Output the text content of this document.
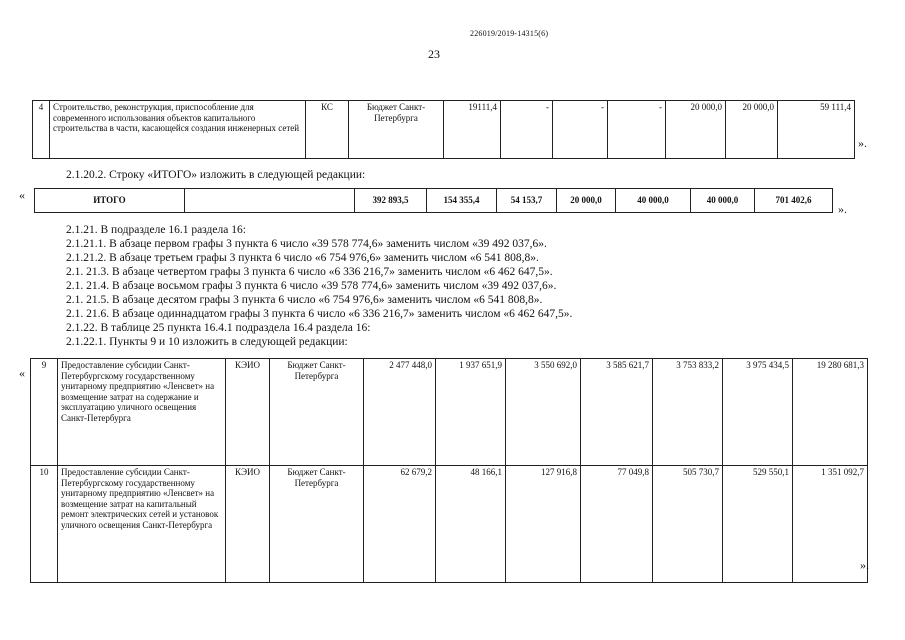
226019/2019-14315(6)
23
4	Строительство, реконструкция, приспособление для современного использования объектов капитального строительства в части, касающейся создания инженерных сетей	КС	Бюджет Санкт-Петербурга	19111,4	-	-	-	20 000,0	20 000,0	59 111,4
».
2.1.20.2. Строку «ИТОГО» изложить в следующей редакции:
«	ИТОГО		392 893,5	154 355,4	54 153,7	20 000,0	40 000,0	40 000,0	701 402,6
».
2.1.21. В подразделе 16.1 раздела 16:
2.1.21.1. В абзаце первом графы 3 пункта 6 число «39 578 774,6» заменить числом «39 492 037,6».
2.1.21.2. В абзаце третьем графы 3 пункта 6 число «6 754 976,6» заменить числом «6 541 808,8».
2.1. 21.3. В абзаце четвертом графы 3 пункта 6 число «6 336 216,7» заменить числом «6 462 647,5».
2.1. 21.4. В абзаце восьмом графы 3 пункта 6 число «39 578 774,6» заменить числом «39 492 037,6».
2.1. 21.5. В абзаце десятом графы 3 пункта 6 число «6 754 976,6» заменить числом «6 541 808,8».
2.1. 21.6. В абзаце одиннадцатом графы 3 пункта 6 число «6 336 216,7» заменить числом «6 462 647,5».
2.1.22. В таблице 25 пункта 16.4.1 подраздела 16.4 раздела 16:
2.1.22.1. Пункты 9 и 10 изложить в следующей редакции:
«
9	Предоставление субсидии Санкт-Петербургскому государственному унитарному предприятию «Ленсвет» на возмещение затрат на содержание и эксплуатацию уличного освещения Санкт-Петербурга	КЭИО	Бюджет Санкт-Петербурга	2 477 448,0	1 937 651,9	3 550 692,0	3 585 621,7	3 753 833,2	3 975 434,5	19 280 681,3
10	Предоставление субсидии Санкт-Петербургскому государственному унитарному предприятию «Ленсвет» на возмещение затрат на капитальный ремонт электрических сетей и установок уличного освещения Санкт-Петербурга	КЭИО	Бюджет Санкт-Петербурга	62 679,2	48 166,1	127 916,8	77 049,8	505 730,7	529 550,1	1 351 092,7
».
